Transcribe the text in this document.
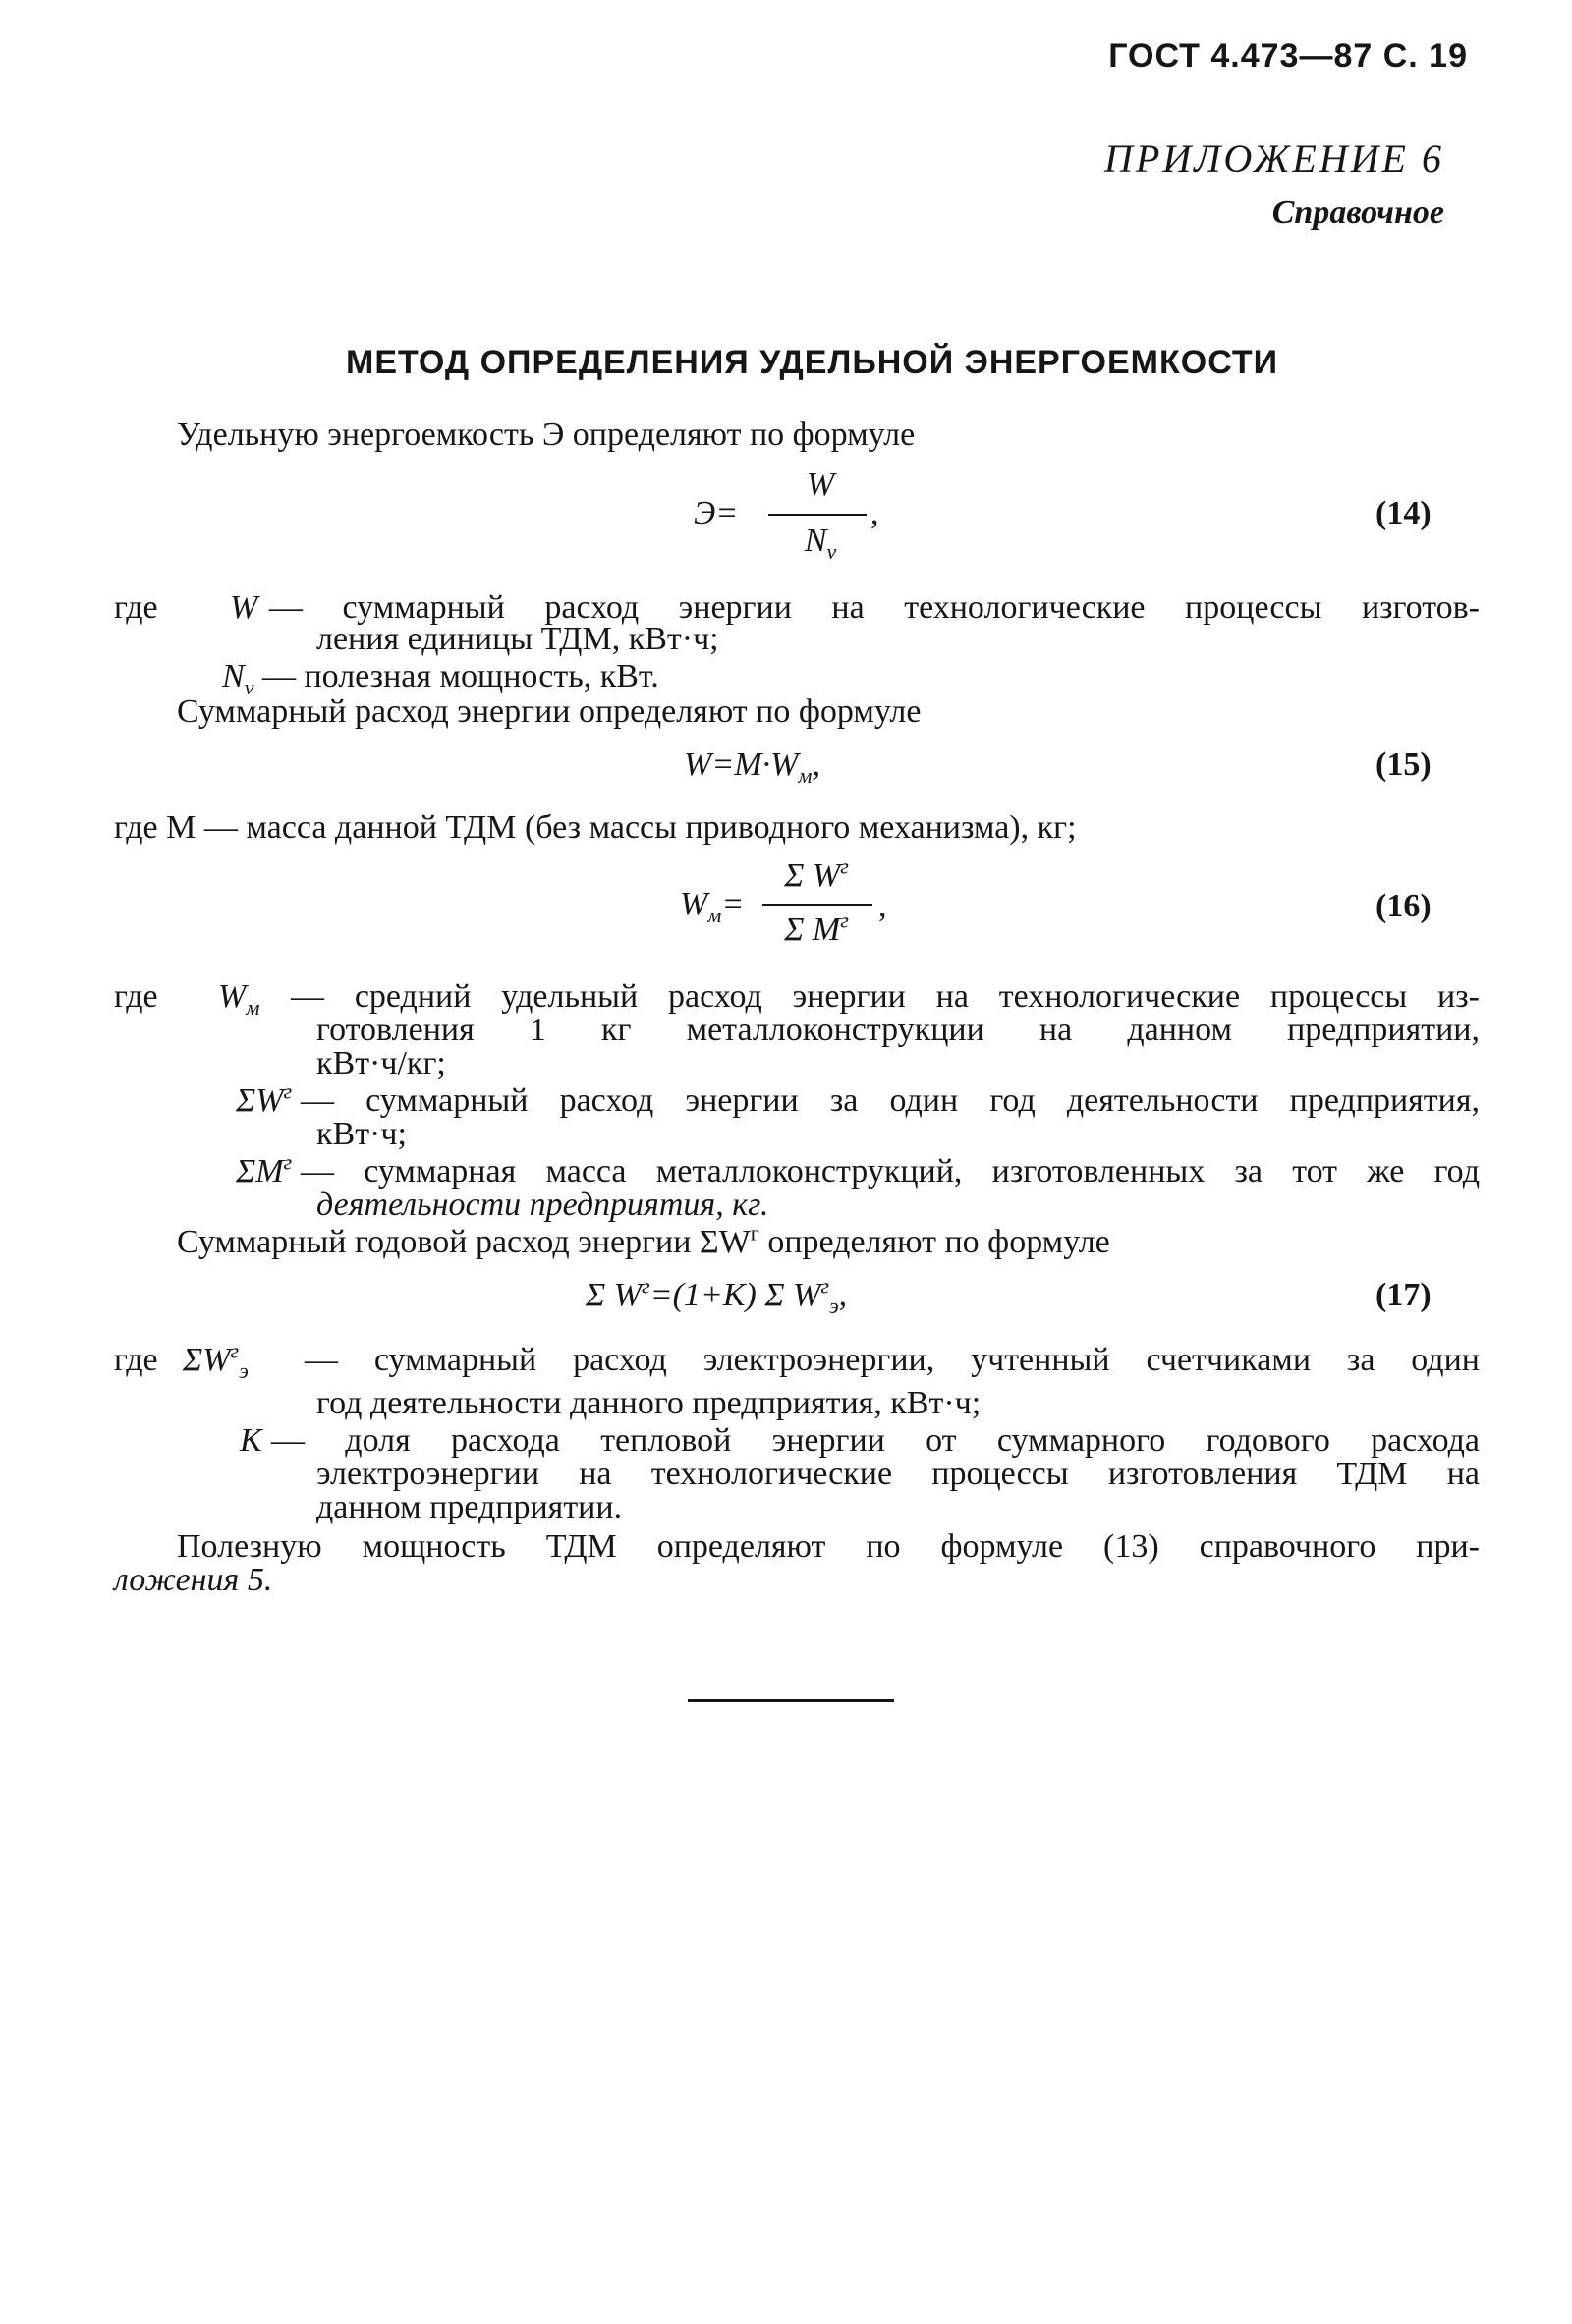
ГОСТ 4.473—87 С. 19
ПРИЛОЖЕНИЕ 6
Справочное
МЕТОД ОПРЕДЕЛЕНИЯ УДЕЛЬНОЙ ЭНЕРГОЕМКОСТИ
Удельную энергоемкость Э определяют по формуле
Э=
W
$N_v$
,	(14)
где W — суммарный расход энергии на технологические процессы изготов-
ления единицы ТДМ, кВт·ч;
$N_v$ — полезная мощность, кВт.
Суммарный расход энергии определяют по формуле
$W=M\cdot W_м$,	(15)
где М — масса данной ТДМ (без массы приводного механизма), кг;
$W_м=$
Σ $W^г$
Σ $M^г$ ,	(16)
где $W_м$ — средний удельный расход энергии на технологические процессы из-
готовления 1 кг металлоконструкции на данном предприятии,
кВт·ч/кг;
$\Sigma W^г$ — суммарный расход энергии за один год деятельности предприятия,
кВт·ч;
$\Sigma M^г$ — суммарная масса металлоконструкций, изготовленных за тот же год
деятельности предприятия, кг.
Суммарный годовой расход энергии $\Sigma W^г$ определяют по формуле
Σ $W^г=(1+K)$ Σ $W^г_э$,	(17)
где $\Sigma W^г_э$ — суммарный расход электроэнергии, учтенный счетчиками за один
год деятельности данного предприятия, кВт·ч;
K — доля расхода тепловой энергии от суммарного годового расхода
электроэнергии на технологические процессы изготовления ТДМ на
данном предприятии.
Полезную мощность ТДМ определяют по формуле (13) справочного при-
ложения 5.
